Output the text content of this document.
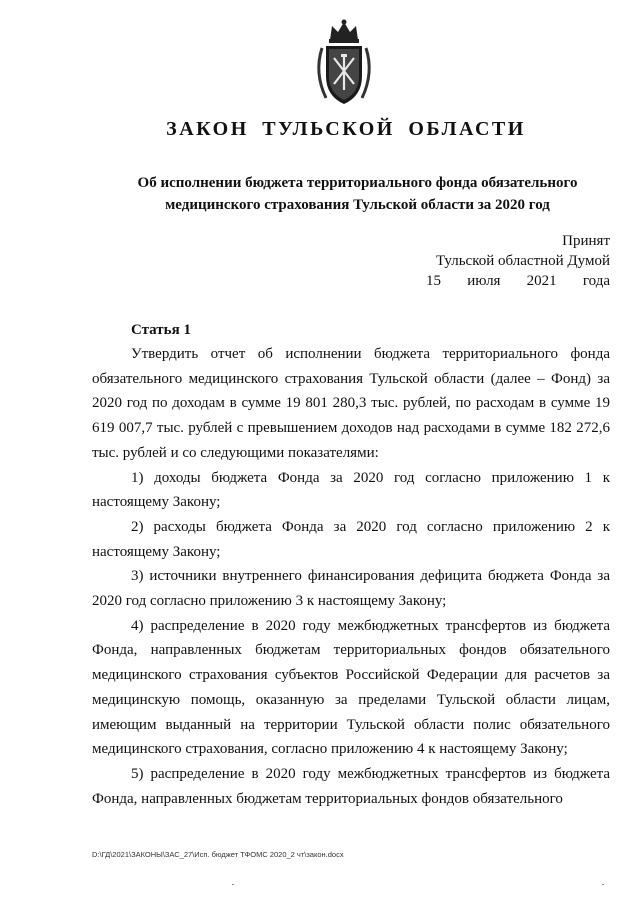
ЗАКОН ТУЛЬСКОЙ ОБЛАСТИ
Об исполнении бюджета территориального фонда обязательного медицинского страхования Тульской области за 2020 год
Принят
Тульской областной Думой
15 июля 2021 года
Статья 1

Утвердить отчет об исполнении бюджета территориального фонда обязательного медицинского страхования Тульской области (далее – Фонд) за 2020 год по доходам в сумме 19 801 280,3 тыс. рублей, по расходам в сумме 19 619 007,7 тыс. рублей с превышением доходов над расходами в сумме 182 272,6 тыс. рублей и со следующими показателями:

1) доходы бюджета Фонда за 2020 год согласно приложению 1 к настоящему Закону;

2) расходы бюджета Фонда за 2020 год согласно приложению 2 к настоящему Закону;

3) источники внутреннего финансирования дефицита бюджета Фонда за 2020 год согласно приложению 3 к настоящему Закону;

4) распределение в 2020 году межбюджетных трансфертов из бюджета Фонда, направленных бюджетам территориальных фондов обязательного медицинского страхования субъектов Российской Федерации для расчетов за медицинскую помощь, оказанную за пределами Тульской области лицам, имеющим выданный на территории Тульской области полис обязательного медицинского страхования, согласно приложению 4 к настоящему Закону;

5) распределение в 2020 году межбюджетных трансфертов из бюджета Фонда, направленных бюджетам территориальных фондов обязательного

D:\ГД\2021\ЗАКОНЫ\ЗАС_27\Исп. бюджет ТФОМС 2020_2 чт\закон.docx
